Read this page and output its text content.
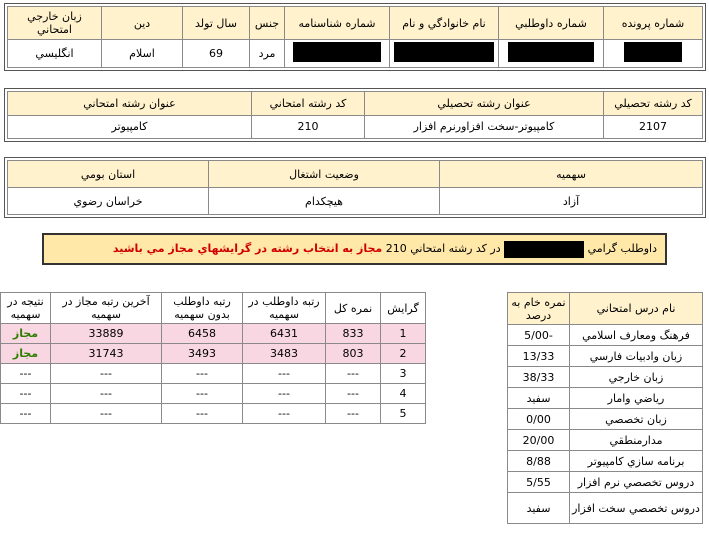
شماره پرونده	شماره داوطلبي	نام خانوادگي و نام	شماره شناسنامه	جنس	سال تولد	دين	زبان خارجي امتحاني
				مرد	69	اسلام	انگليسي
كد رشته تحصيلي	عنوان رشته تحصيلي	كد رشته امتحاني	عنوان رشته امتحاني
2107	كامپيوتر-سخت افزاورنرم افزار	210	كامپيوتر
سهميه	وضعيت اشتغال	استان بومي
آزاد	هيچكدام	خراسان رضوي
داوطلب گرامي  در كد رشته امتحاني 210 مجاز به انتخاب رشته در گرايشهاي مجاز مي باشيد
گرايش	نمره كل	رتبه داوطلب در سهميه	رتبه داوطلب بدون سهميه	آخرين رتبه مجاز در سهميه	نتيجه در سهميه
1	833	6431	6458	33889	مجاز
2	803	3483	3493	31743	مجاز
3	---	---	---	---	---
4	---	---	---	---	---
5	---	---	---	---	---
نام درس امتحاني	نمره خام به درصد
فرهنگ ومعارف اسلامي	-5/00
زبان وادبيات فارسي	13/33
زبان خارجي	38/33
رياضي وامار	سفيد
زبان تخصصي	0/00
مدارمنطقي	20/00
برنامه سازي كامپيوتر	8/88
دروس تخصصي نرم افزار	5/55
دروس تخصصي سخت افزار	سفيد
